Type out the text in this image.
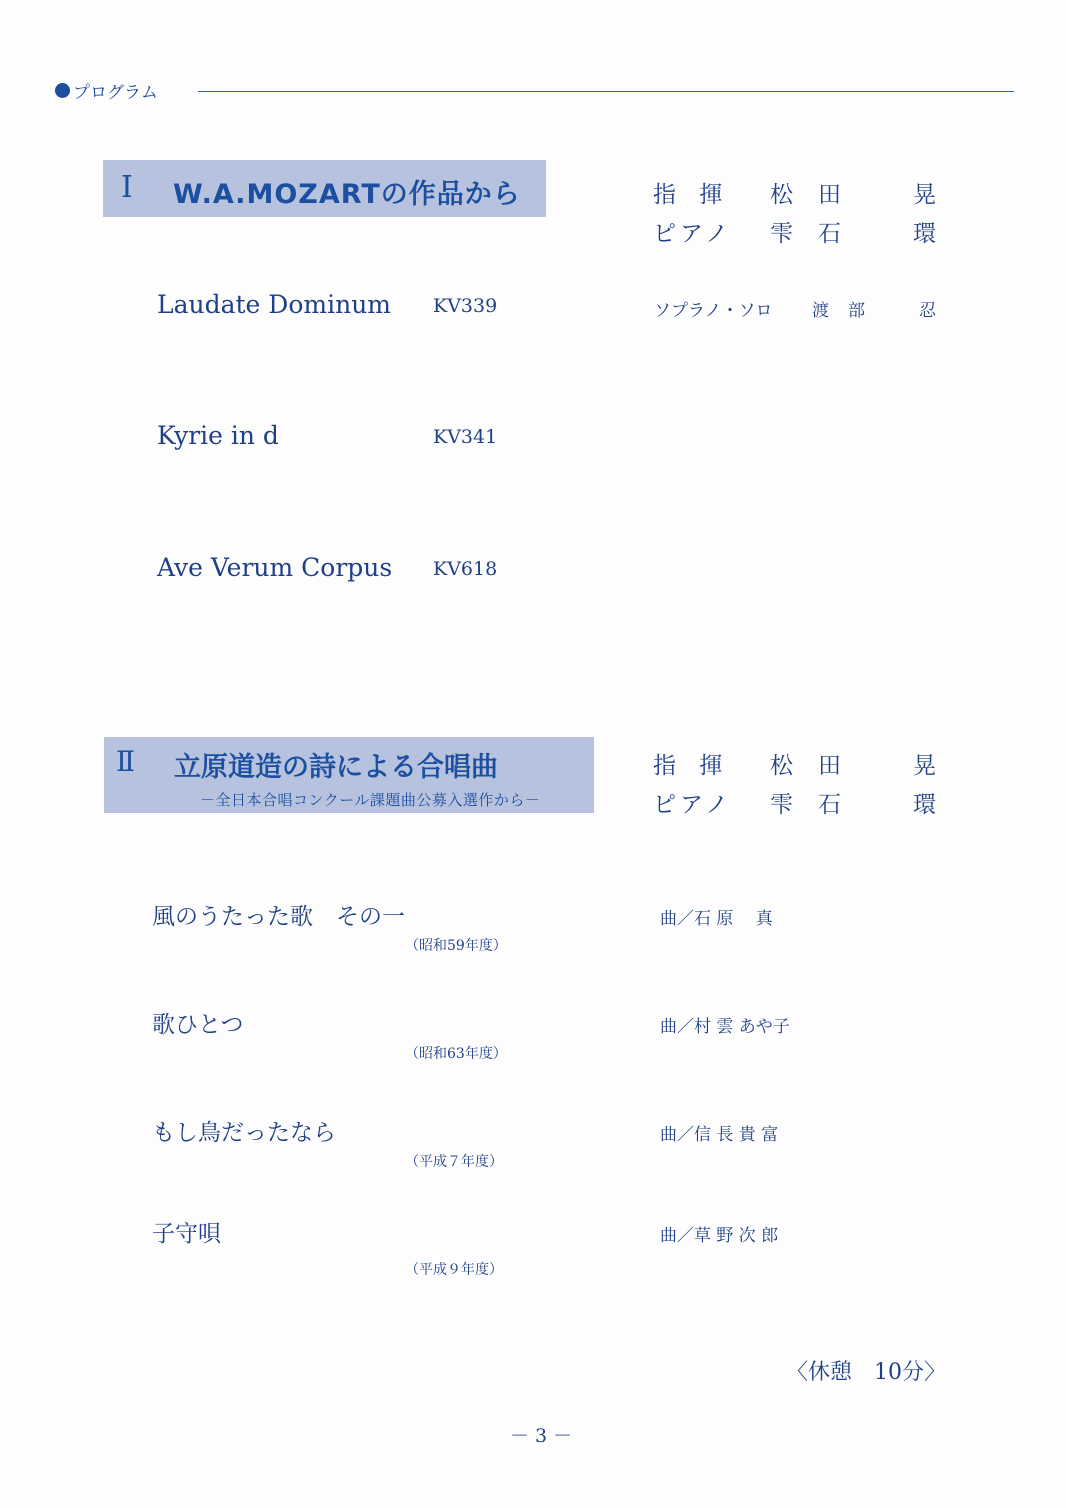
プログラム
Ⅰ W.A.MOZARTの作品から	指 揮 松 田	晃
ピアノ 雫 石	環
Laudate Dominum KV339	ソプラノ・ソロ 渡 部	忍
Kyrie in d	KV341
Ave Verum Corpus KV618
Ⅱ 立原道造の詩による合唱曲
－全日本合唱コンクール課題曲公募入選作から－
指 揮 松 田	晃
ピアノ 雫 石	環
風のうたった歌　その一	曲／石 原　 真
（昭和59年度）
歌ひとつ	曲／村 雲 あや子
（昭和63年度）
もし鳥だったなら	曲／信 長 貴 富
（平成７年度）
子守唄	曲／草 野 次 郎
（平成９年度）
〈休憩　10分〉
－ 3 －
